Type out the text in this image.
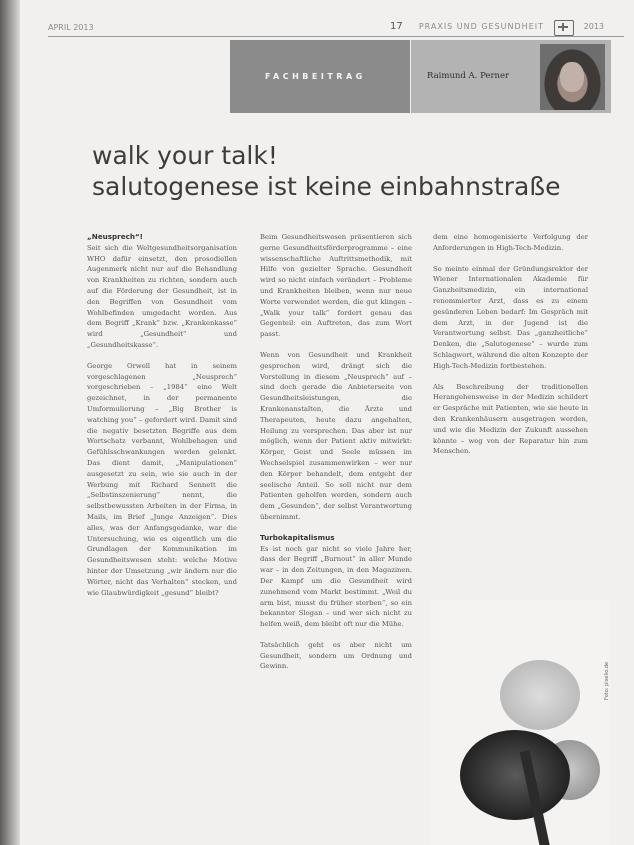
APRIL 2013	17 PRAXIS UND GESUNDHEIT	2013
FACHBEITRAG	Raimund A. Perner
walk your talk!
salutogenese ist keine einbahnstraße
„Neusprech“!

Seit sich die Weltgesundheitsorganisation WHO dafür einsetzt, den prosodiellen Augenmerk nicht nur auf die Behandlung von Krankheiten zu richten, sondern auch auf die Förderung der Gesundheit, ist in den Begriffen von Gesundheit vom Wohlbefinden umgedacht worden. Aus dem Begriff „Krank“ bzw. „Krankenkasse“ wird „Gesundheit“ und „Gesundheitskasse“.

George Orwell hat in seinem vorgeschlagenen „Neusprech“ vorgeschrieben – „1984“ eine Welt gezeichnet, in der permanente Umformulierung – „Big Brother is watching you“ – gefordert wird. Damit sind die negativ besetzten Begriffe aus dem Wortschatz verbannt, Wohlbehagen und Gefühlsschwankungen werden gelenkt. Das dient damit, „Manipulationen“ ausgesetzt zu sein, wie sie auch in der Werbung mit Richard Sennett die „Selbstinszenierung“ nennt, die selbstbewussten Arbeiten in der Firma, in Mails, im Brief „Junge Anzeigen“. Dies alles, was der Anfangsgedanke, war die Untersuchung, wie es eigentlich um die Grundlagen der Kommunikation im Gesundheitswesen steht: welche Motive hinter der Umsetzung „wir ändern nur die Wörter, nicht das Verhalten“ stecken, und wie Glaubwürdigkeit „gesund“ bleibt?

Beim Gesundheitswesen präsentieren sich gerne Gesundheitsförderprogramme – eine wissenschaftliche Auftrittsmethodik, mit Hilfe von gezielter Sprache. Gesundheit wird so nicht einfach verändert – Probleme und Krankheiten bleiben, wenn nur neue Worte verwendet werden, die gut klingen – „Walk your talk“ fordert genau das Gegenteil: ein Auftreten, das zum Wort passt.

Wenn von Gesundheit und Krankheit gesprochen wird, drängt sich die Vorstellung in diesem „Neusprech“ auf – sind doch gerade die Anbieterseite von Gesundheitsleistungen, die Krankenanstalten, die Ärzte und Therapeuten, heute dazu angehalten, Heilung zu versprechen. Das aber ist nur möglich, wenn der Patient aktiv mitwirkt: Körper, Geist und Seele müssen im Wechselspiel zusammenwirken – wer nur den Körper behandelt, dem entgeht der seelische Anteil. So soll nicht nur dem Patienten geholfen werden, sondern auch dem „Gesunden“, der selbst Verantwortung übernimmt.

Turbokapitalismus

Es ist noch gar nicht so viele Jahre her, dass der Begriff „Burnout“ in aller Munde war – in den Zeitungen, in den Magazinen. Der Kampf um die Gesundheit wird zunehmend vom Markt bestimmt. „Weil du arm bist, musst du früher sterben“, so ein bekannter Slogan – und wer sich nicht zu helfen weiß, dem bleibt oft nur die Mühe.

Tatsächlich geht es aber nicht um Gesundheit, sondern um Ordnung und Gewinn.

dem eine homogenisierte Verfolgung der Anforderungen in High-Tech-Medizin.

So meinte einmal der Gründungsrektor der Wiener Internationalen Akademie für Ganzheitsmedizin, ein international renommierter Arzt, dass es zu einem gesünderen Leben bedarf: Im Gespräch mit dem Arzt, in der Jugend ist die Verantwortung selbst. Das „ganzheitliche“ Denken, die „Salutogenese“ – wurde zum Schlagwort, während die alten Konzepte der High-Tech-Medizin fortbestehen.

Als Beschreibung der traditionellen Herangehensweise in der Medizin schildert er Gespräche mit Patienten, wie sie heute in den Krankenhäusern ausgetragen werden, und wie die Medizin der Zukunft aussehen könnte – weg von der Reparatur hin zum Menschen.

Foto: pixelio.de
